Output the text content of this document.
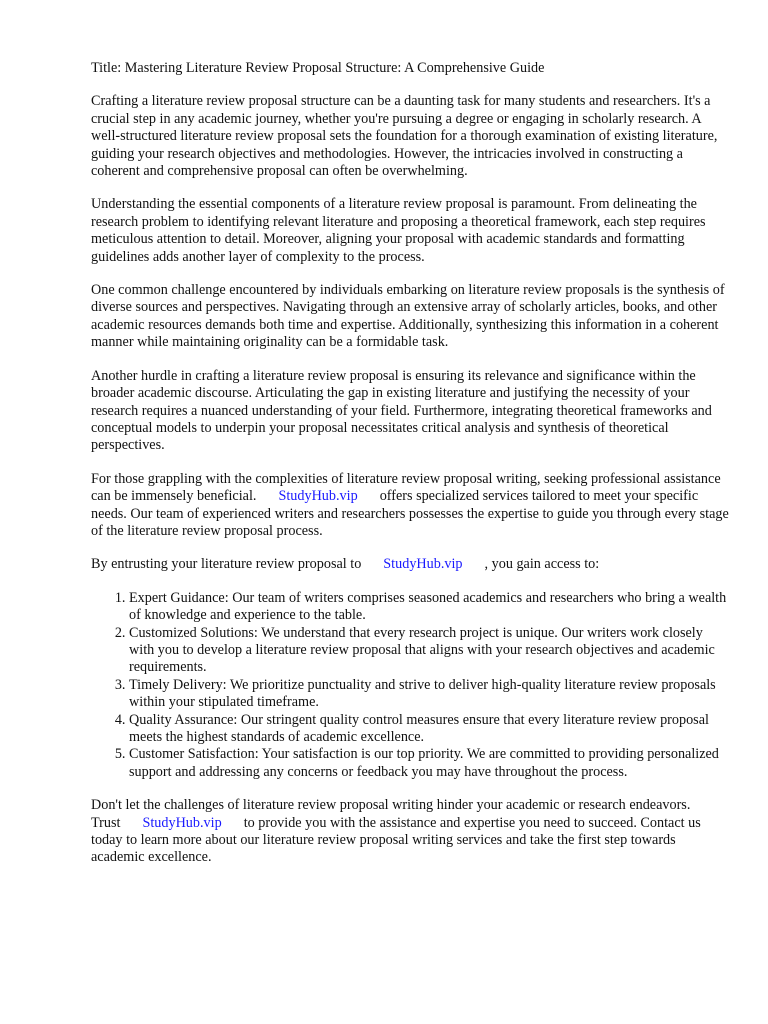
Title: Mastering Literature Review Proposal Structure: A Comprehensive Guide

Crafting a literature review proposal structure can be a daunting task for many students and researchers. It's a crucial step in any academic journey, whether you're pursuing a degree or engaging in scholarly research. A well-structured literature review proposal sets the foundation for a thorough examination of existing literature, guiding your research objectives and methodologies. However, the intricacies involved in constructing a coherent and comprehensive proposal can often be overwhelming.

Understanding the essential components of a literature review proposal is paramount. From delineating the research problem to identifying relevant literature and proposing a theoretical framework, each step requires meticulous attention to detail. Moreover, aligning your proposal with academic standards and formatting guidelines adds another layer of complexity to the process.

One common challenge encountered by individuals embarking on literature review proposals is the synthesis of diverse sources and perspectives. Navigating through an extensive array of scholarly articles, books, and other academic resources demands both time and expertise. Additionally, synthesizing this information in a coherent manner while maintaining originality can be a formidable task.

Another hurdle in crafting a literature review proposal is ensuring its relevance and significance within the broader academic discourse. Articulating the gap in existing literature and justifying the necessity of your research requires a nuanced understanding of your field. Furthermore, integrating theoretical frameworks and conceptual models to underpin your proposal necessitates critical analysis and synthesis of theoretical perspectives.

For those grappling with the complexities of literature review proposal writing, seeking professional assistance can be immensely beneficial. StudyHub.vip offers specialized services tailored to meet your specific needs. Our team of experienced writers and researchers possesses the expertise to guide you through every stage of the literature review proposal process.

By entrusting your literature review proposal to StudyHub.vip , you gain access to:

1. Expert Guidance: Our team of writers comprises seasoned academics and researchers who bring a wealth of knowledge and experience to the table.
2. Customized Solutions: We understand that every research project is unique. Our writers work closely with you to develop a literature review proposal that aligns with your research objectives and academic requirements.
3. Timely Delivery: We prioritize punctuality and strive to deliver high-quality literature review proposals within your stipulated timeframe.
4. Quality Assurance: Our stringent quality control measures ensure that every literature review proposal meets the highest standards of academic excellence.
5. Customer Satisfaction: Your satisfaction is our top priority. We are committed to providing personalized support and addressing any concerns or feedback you may have throughout the process.

Don't let the challenges of literature review proposal writing hinder your academic or research endeavors. Trust StudyHub.vip to provide you with the assistance and expertise you need to succeed. Contact us today to learn more about our literature review proposal writing services and take the first step towards academic excellence.
